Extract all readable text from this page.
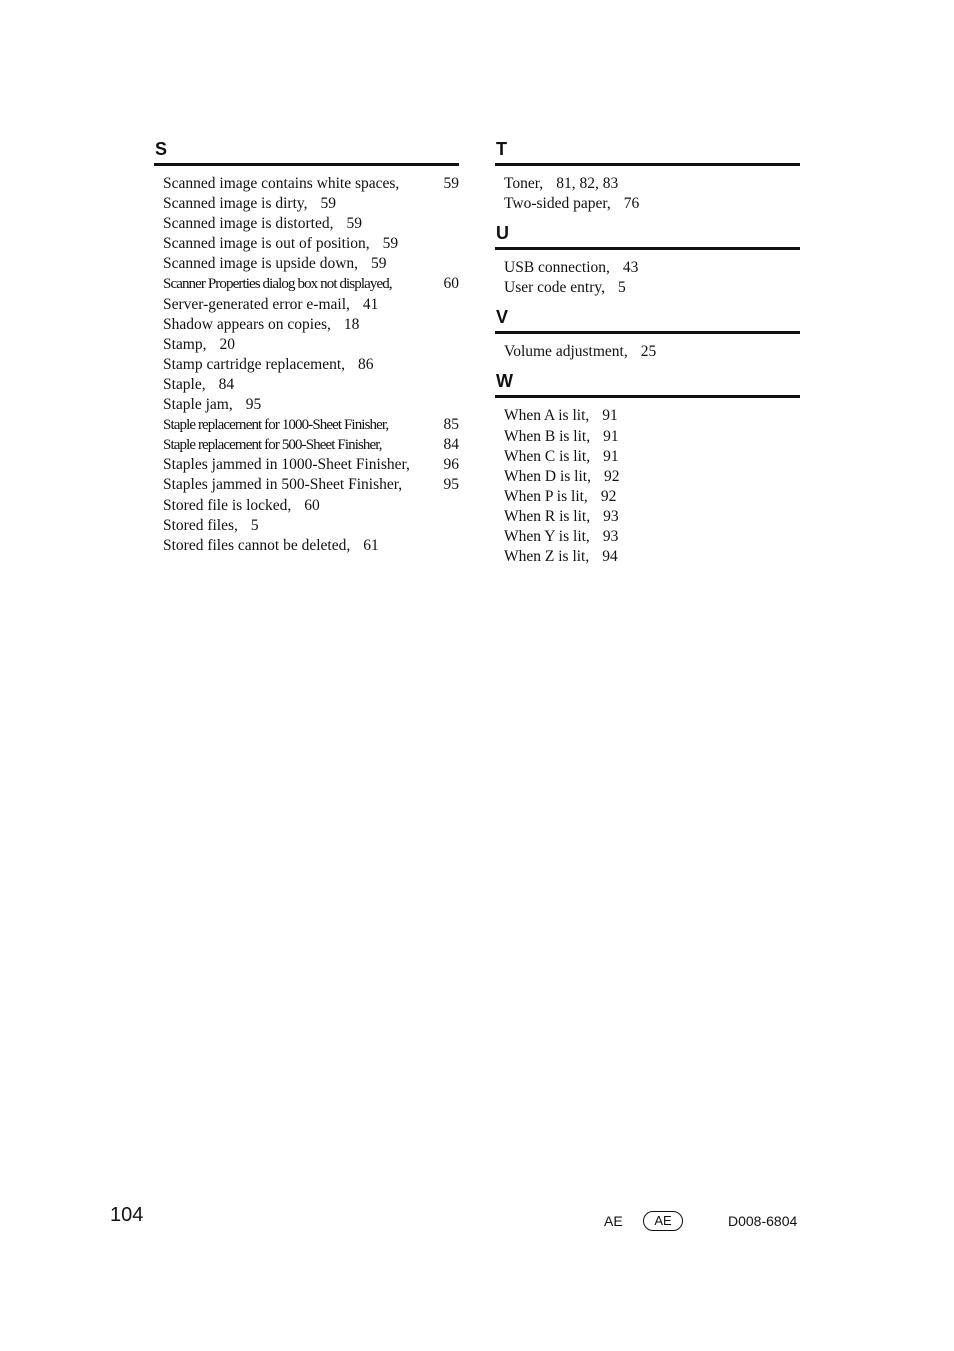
S
Scanned image contains white spaces,	59
Scanned image is dirty, 59
Scanned image is distorted, 59
Scanned image is out of position, 59
Scanned image is upside down, 59
Scanner Properties dialog box not displayed,	60
Server-generated error e-mail, 41
Shadow appears on copies, 18
Stamp, 20
Stamp cartridge replacement, 86
Staple, 84
Staple jam, 95
Staple replacement for 1000-Sheet Finisher,	85
Staple replacement for 500-Sheet Finisher,	84
Staples jammed in 1000-Sheet Finisher,	96
Staples jammed in 500-Sheet Finisher,	95
Stored file is locked, 60
Stored files, 5
Stored files cannot be deleted, 61
T
Toner, 81, 82, 83
Two-sided paper, 76
U
USB connection, 43
User code entry, 5
V
Volume adjustment, 25
W
When A is lit, 91
When B is lit, 91
When C is lit, 91
When D is lit, 92
When P is lit, 92
When R is lit, 93
When Y is lit, 93
When Z is lit, 94
104	AE	AE	D008-6804
